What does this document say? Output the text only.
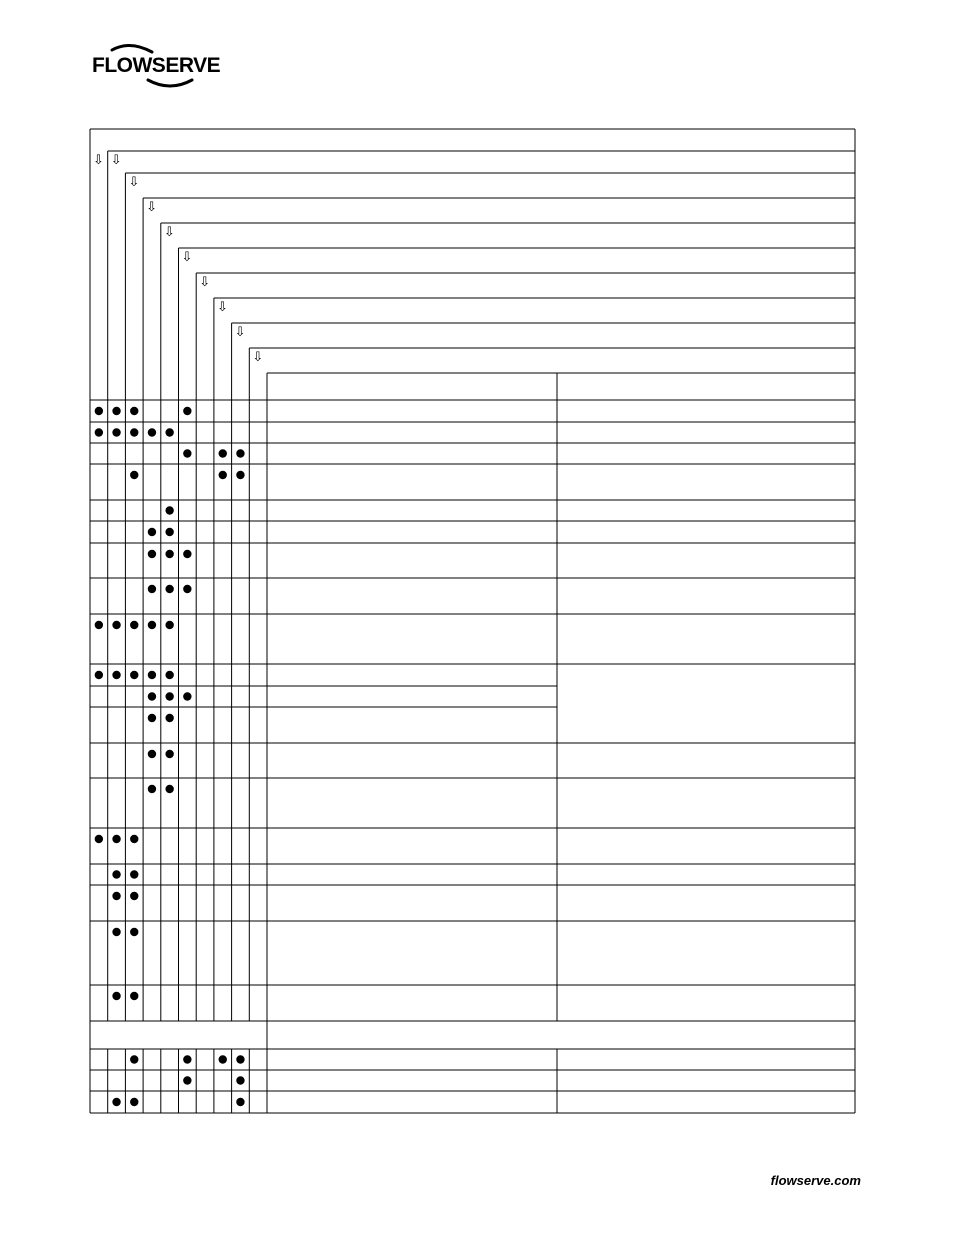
FLOWSERVE
⇩ ⇩
⇩
⇩
⇩
⇩
⇩
⇩
⇩
⇩
flowserve.com
